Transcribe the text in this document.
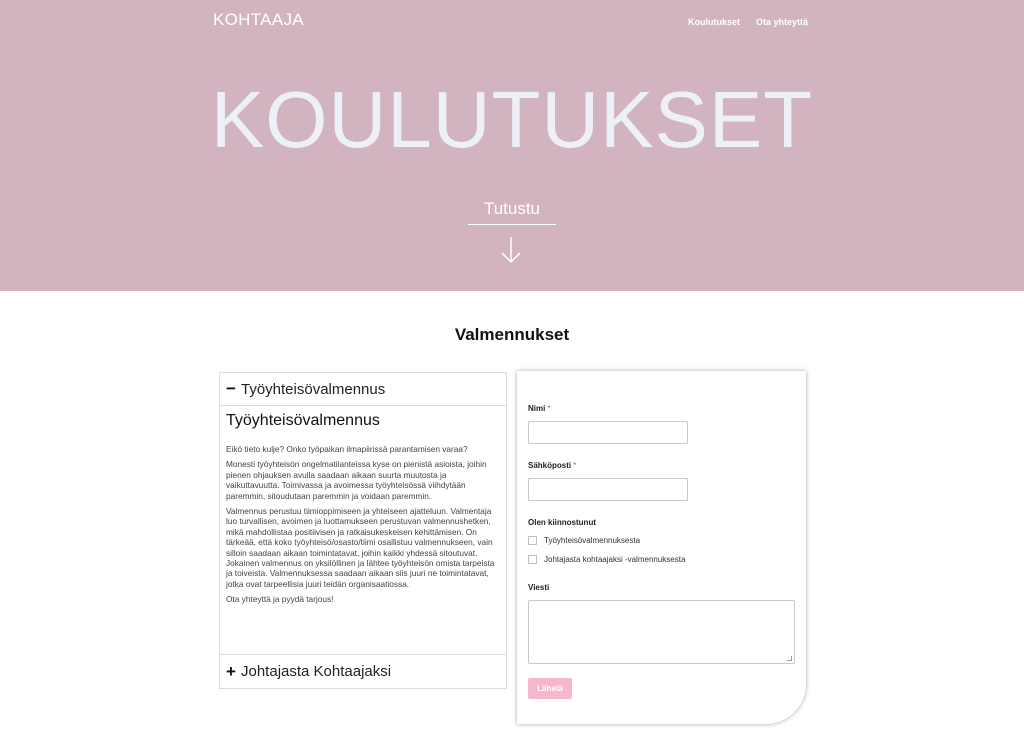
KOHTAAJA	Koulutukset Ota yhteyttä
KOULUTUKSET
Tutustu
Valmennukset
− Työyhteisövalmennus
Työyhteisövalmennus

Eikö tieto kulje? Onko työpaikan ilmapiirissä parantamisen varaa?

Monesti työyhteisön ongelmatilanteissa kyse on pienistä asioista, joihin pienen ohjauksen avulla saadaan aikaan suurta muutosta ja vaikuttavuutta. Toimivassa ja avoimessa työyhteisössä viihdytään paremmin, sitoudutaan paremmin ja voidaan paremmin.

Valmennus perustuu tiimioppimiseen ja yhteiseen ajatteluun. Valmentaja luo turvallisen, avoimen ja luottamukseen perustuvan valmennushetken, mikä mahdollistaa positiivisen ja ratkaisukeskeisen kehittämisen. On tärkeää, että koko työyhteisö/osasto/tiimi osallistuu valmennukseen, vain silloin saadaan aikaan toimintatavat, joihin kaikki yhdessä sitoutuvat. Jokainen valmennus on yksilöllinen ja lähtee työyhteisön omista tarpeista ja toiveista. Valmennuksessa saadaan aikaan siis juuri ne toimintatavat, jotka ovat tarpeellisia juuri teidän organisaatiossa.

Ota yhteyttä ja pyydä tarjous!

+ Johtajasta Kohtaajaksi
Nimi *
Sähköposti *
Olen kiinnostunut
Työyhteisövalmennuksesta
Johtajasta kohtaajaksi -valmennuksesta
Viesti
Lähetä
